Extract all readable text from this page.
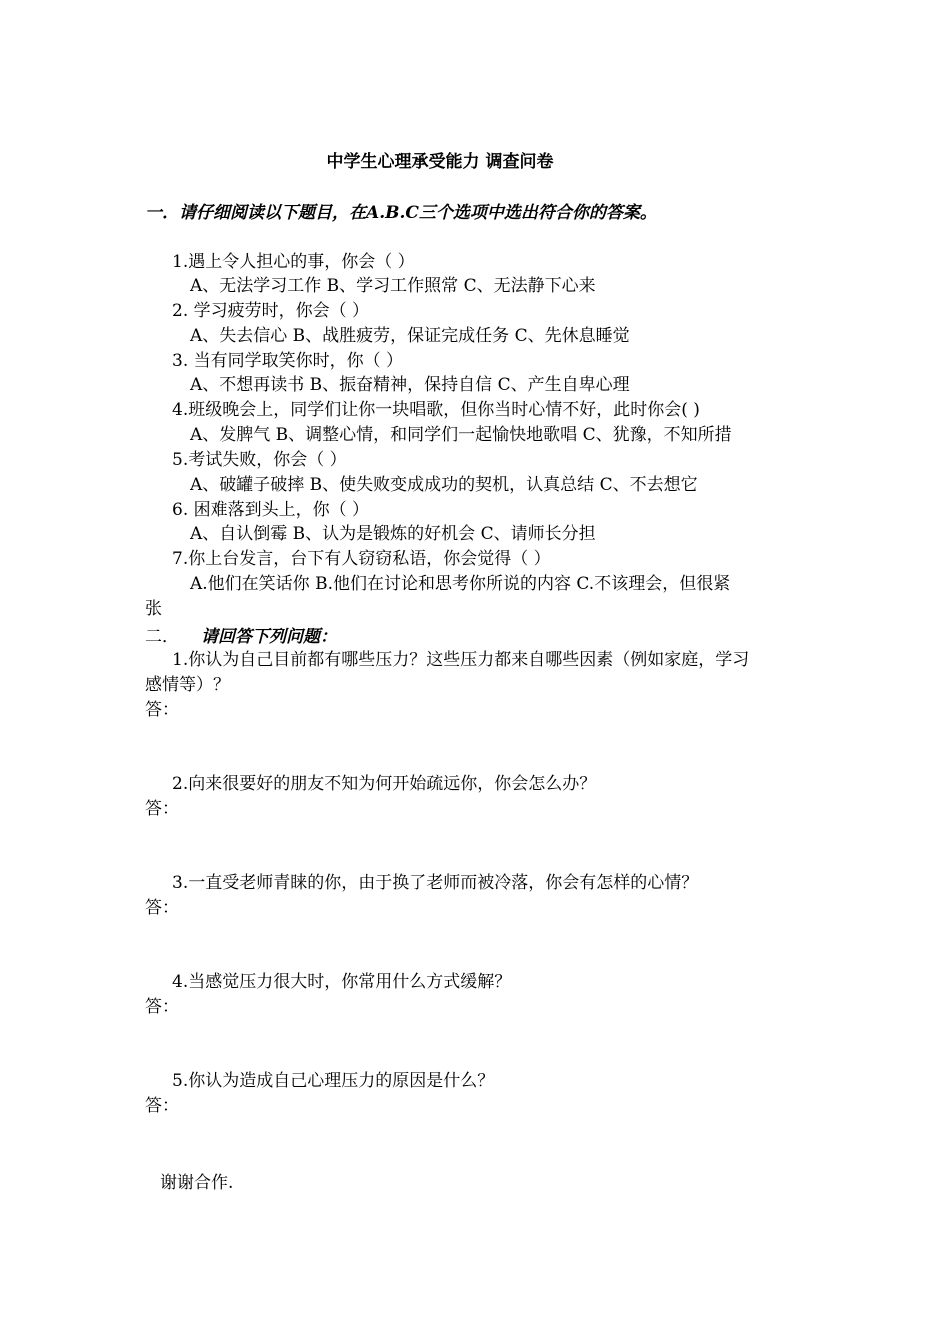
中学生心理承受能力 调查问卷
一．请仔细阅读以下题目，在A.B.C三个选项中选出符合你的答案。
1.遇上令人担心的事，你会（ ）
A、无法学习工作 B、学习工作照常 C、无法静下心来
2. 学习疲劳时，你会（ ）
A、失去信心 B、战胜疲劳，保证完成任务 C、先休息睡觉
3. 当有同学取笑你时，你（ ）
A、不想再读书 B、振奋精神，保持自信 C、产生自卑心理
4.班级晚会上，同学们让你一块唱歌，但你当时心情不好，此时你会( )
A、发脾气 B、调整心情，和同学们一起愉快地歌唱 C、犹豫，不知所措
5.考试失败，你会（ ）
A、破罐子破摔 B、使失败变成成功的契机，认真总结 C、不去想它
6. 困难落到头上，你（ ）
A、自认倒霉 B、认为是锻炼的好机会 C、请师长分担
7.你上台发言，台下有人窃窃私语，你会觉得（ ）
A.他们在笑话你 B.他们在讨论和思考你所说的内容 C.不该理会，但很紧
张
二． 请回答下列问题：
1.你认为自己目前都有哪些压力？这些压力都来自哪些因素（例如家庭，学习
感情等）？
答：
2.向来很要好的朋友不知为何开始疏远你，你会怎么办？
答：
3.一直受老师青睐的你，由于换了老师而被冷落，你会有怎样的心情？
答：
4.当感觉压力很大时，你常用什么方式缓解？
答：
5.你认为造成自己心理压力的原因是什么？
答：
谢谢合作.
